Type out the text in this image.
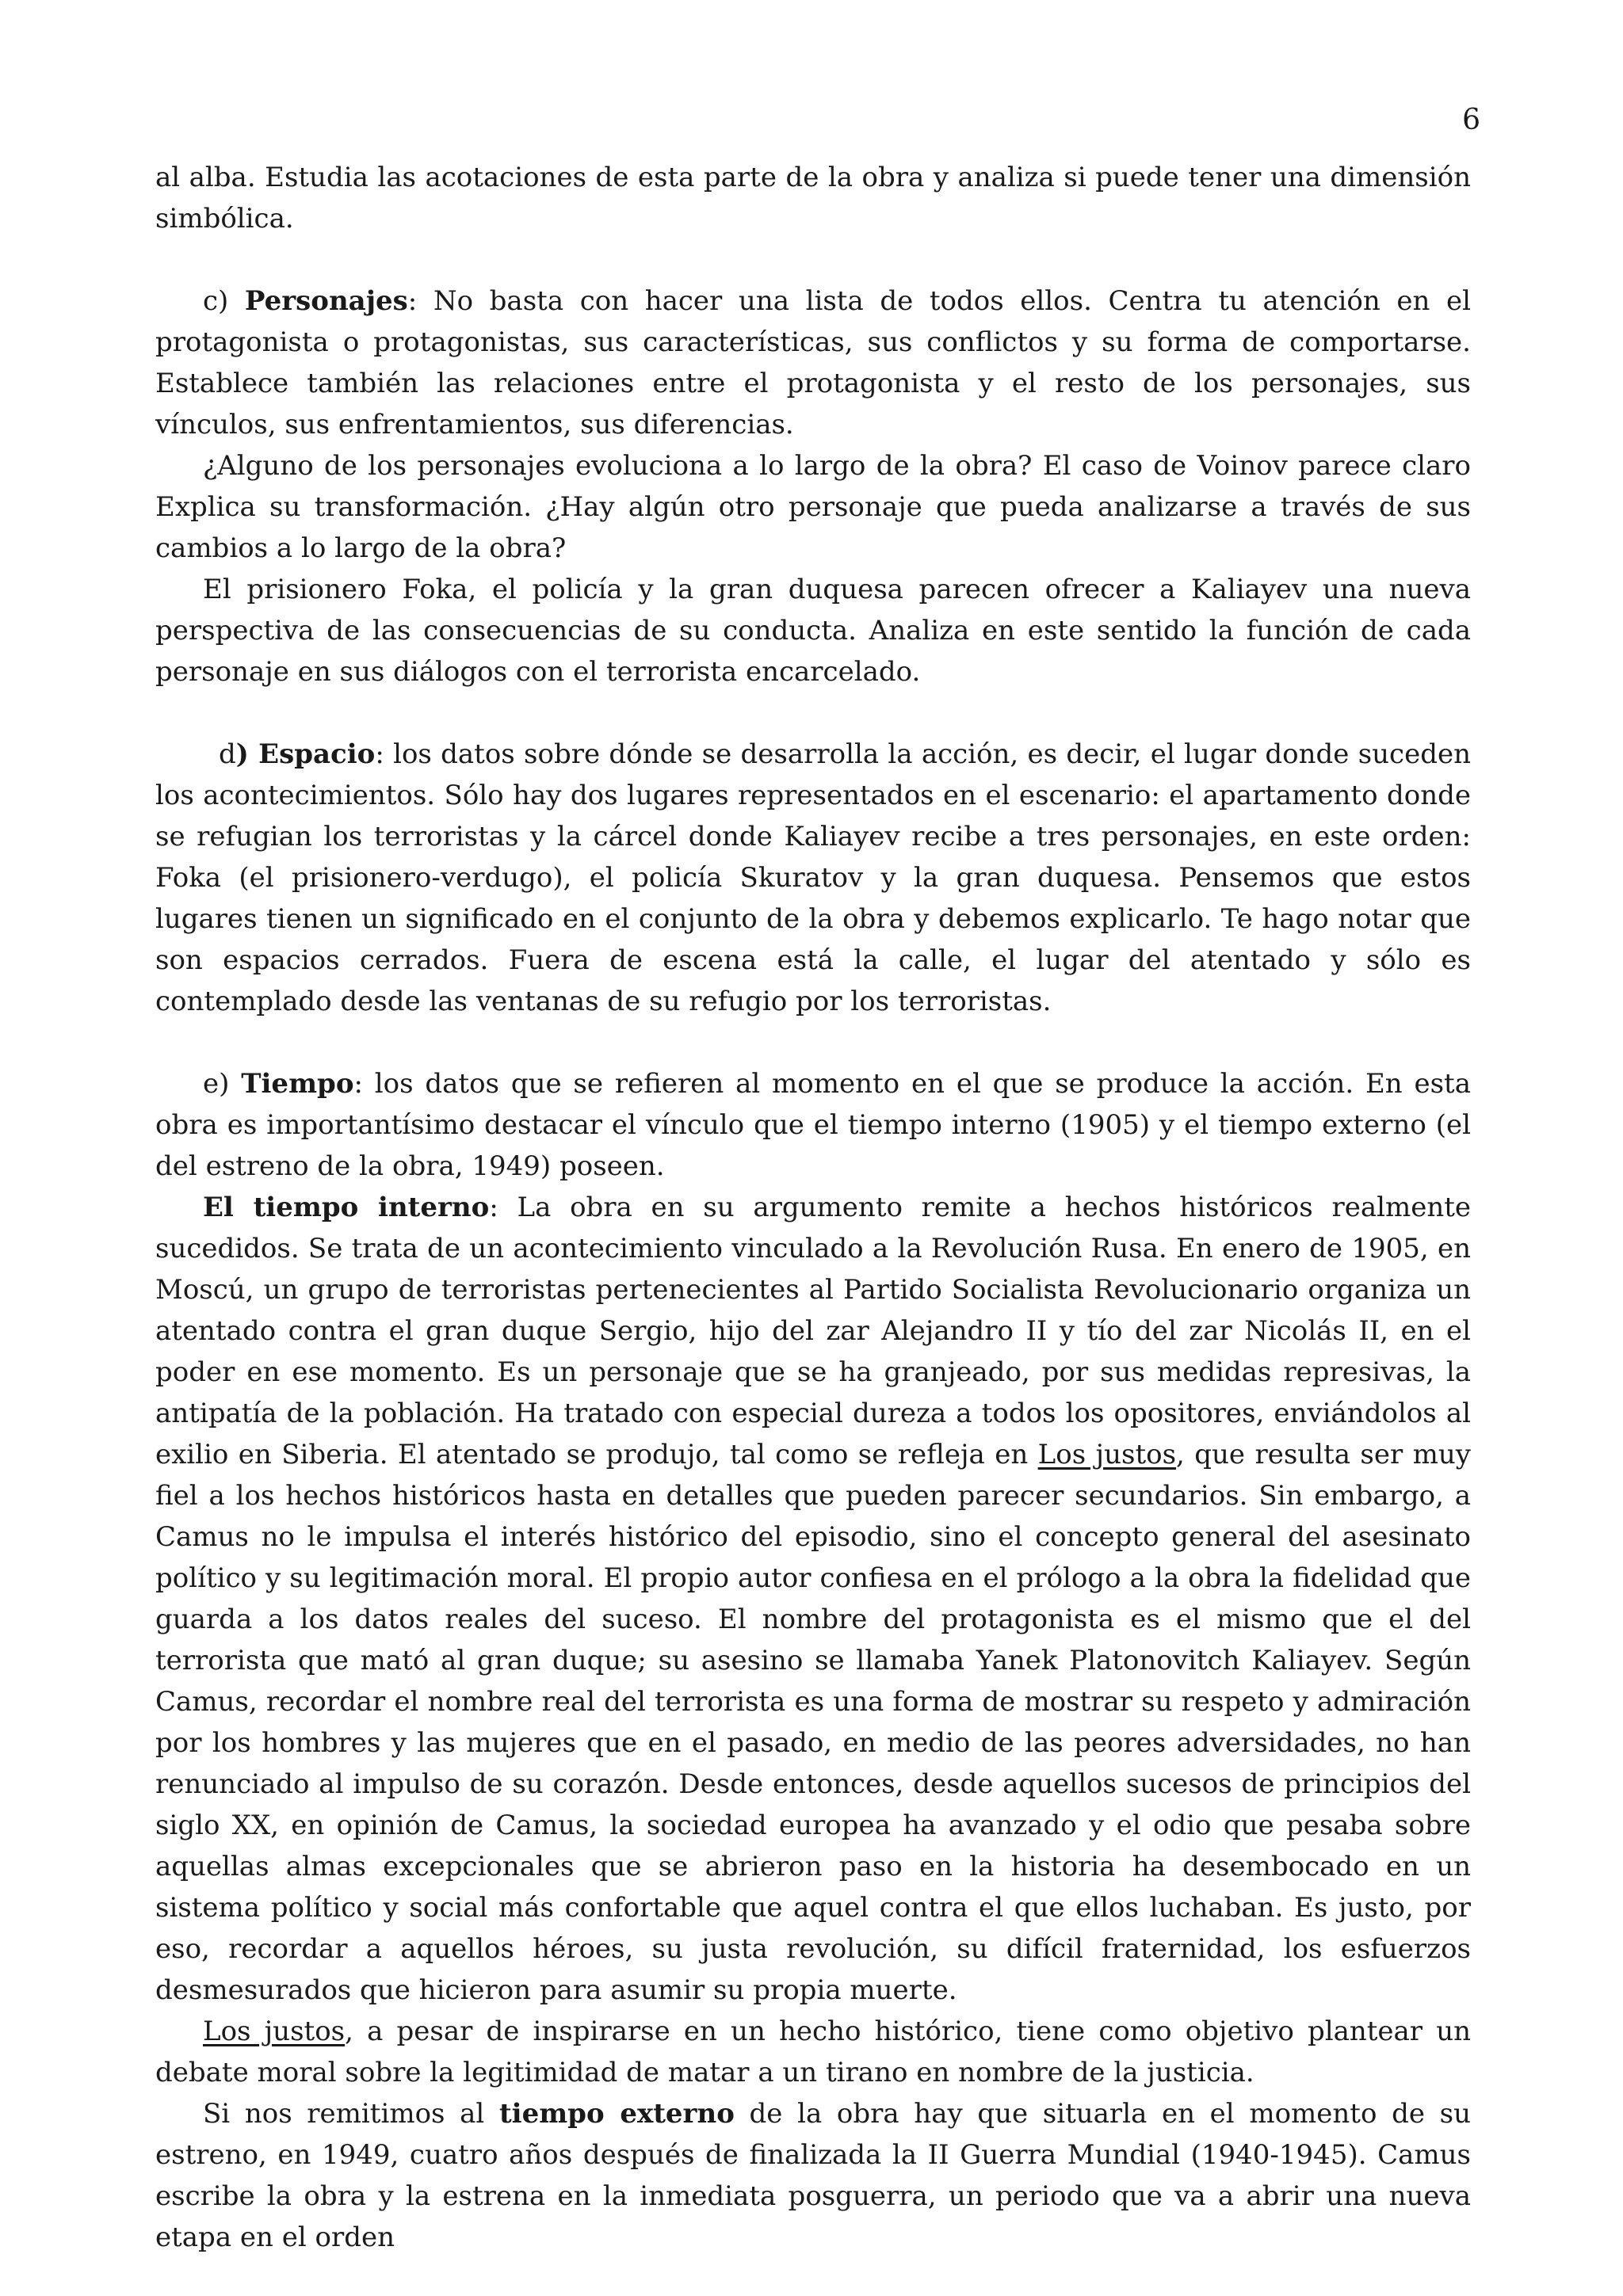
6

al alba. Estudia las acotaciones de esta parte de la obra y analiza si puede tener una dimensión simbólica.

c) Personajes: No basta con hacer una lista de todos ellos. Centra tu atención en el protagonista o protagonistas, sus características, sus conflictos y su forma de comportarse. Establece también las relaciones entre el protagonista y el resto de los personajes, sus vínculos, sus enfrentamientos, sus diferencias.

¿Alguno de los personajes evoluciona a lo largo de la obra? El caso de Voinov parece claro Explica su transformación. ¿Hay algún otro personaje que pueda analizarse a través de sus cambios a lo largo de la obra?

El prisionero Foka, el policía y la gran duquesa parecen ofrecer a Kaliayev una nueva perspectiva de las consecuencias de su conducta. Analiza en este sentido la función de cada personaje en sus diálogos con el terrorista encarcelado.

d) Espacio: los datos sobre dónde se desarrolla la acción, es decir, el lugar donde suceden los acontecimientos. Sólo hay dos lugares representados en el escenario: el apartamento donde se refugian los terroristas y la cárcel donde Kaliayev recibe a tres personajes, en este orden: Foka (el prisionero-verdugo), el policía Skuratov y la gran duquesa. Pensemos que estos lugares tienen un significado en el conjunto de la obra y debemos explicarlo. Te hago notar que son espacios cerrados. Fuera de escena está la calle, el lugar del atentado y sólo es contemplado desde las ventanas de su refugio por los terroristas.

e) Tiempo: los datos que se refieren al momento en el que se produce la acción. En esta obra es importantísimo destacar el vínculo que el tiempo interno (1905) y el tiempo externo (el del estreno de la obra, 1949) poseen.

El tiempo interno: La obra en su argumento remite a hechos históricos realmente sucedidos. Se trata de un acontecimiento vinculado a la Revolución Rusa. En enero de 1905, en Moscú, un grupo de terroristas pertenecientes al Partido Socialista Revolucionario organiza un atentado contra el gran duque Sergio, hijo del zar Alejandro II y tío del zar Nicolás II, en el poder en ese momento. Es un personaje que se ha granjeado, por sus medidas represivas, la antipatía de la población. Ha tratado con especial dureza a todos los opositores, enviándolos al exilio en Siberia. El atentado se produjo, tal como se refleja en Los justos, que resulta ser muy fiel a los hechos históricos hasta en detalles que pueden parecer secundarios. Sin embargo, a Camus no le impulsa el interés histórico del episodio, sino el concepto general del asesinato político y su legitimación moral. El propio autor confiesa en el prólogo a la obra la fidelidad que guarda a los datos reales del suceso. El nombre del protagonista es el mismo que el del terrorista que mató al gran duque; su asesino se llamaba Yanek Platonovitch Kaliayev. Según Camus, recordar el nombre real del terrorista es una forma de mostrar su respeto y admiración por los hombres y las mujeres que en el pasado, en medio de las peores adversidades, no han renunciado al impulso de su corazón. Desde entonces, desde aquellos sucesos de principios del siglo XX, en opinión de Camus, la sociedad europea ha avanzado y el odio que pesaba sobre aquellas almas excepcionales que se abrieron paso en la historia ha desembocado en un sistema político y social más confortable que aquel contra el que ellos luchaban. Es justo, por eso, recordar a aquellos héroes, su justa revolución, su difícil fraternidad, los esfuerzos desmesurados que hicieron para asumir su propia muerte.

Los justos, a pesar de inspirarse en un hecho histórico, tiene como objetivo plantear un debate moral sobre la legitimidad de matar a un tirano en nombre de la justicia.

Si nos remitimos al tiempo externo de la obra hay que situarla en el momento de su estreno, en 1949, cuatro años después de finalizada la II Guerra Mundial (1940-1945). Camus escribe la obra y la estrena en la inmediata posguerra, un periodo que va a abrir una nueva etapa en el orden
